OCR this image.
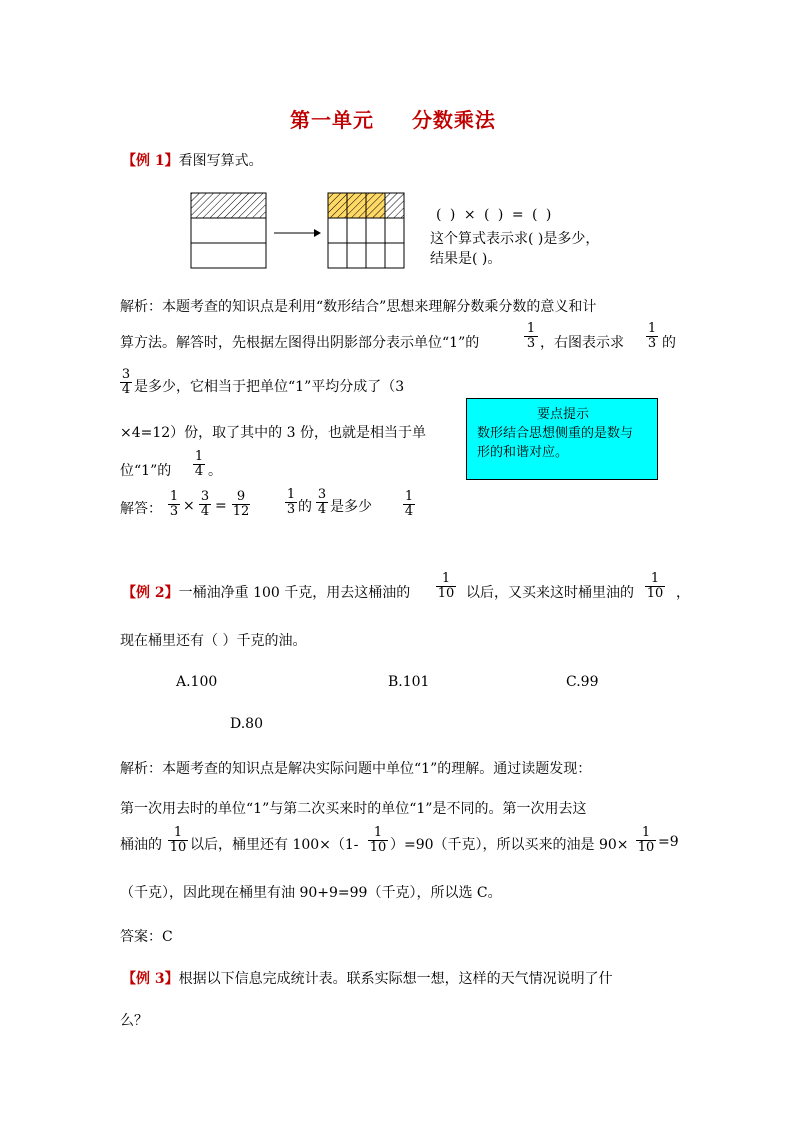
第一单元 分数乘法
【例 1】看图写算式。
( ) × ( ) = ( )
这个算式表示求( )是多少，
结果是( )。
解析：本题考查的知识点是利用“数形结合”思想来理解分数乘分数的意义和计
算方法。解答时，先根据左图得出阴影部分表示单位“1”的
1
3 ，右图表示求
1
3 的
3
4 是多少，它相当于把单位“1”平均分成了（3
×4=12）份，取了其中的 3 份，也就是相当于单
位“1”的
1
4 。
要点提示
数形结合思想侧重的是数与
形的和谐对应。
解答：
1
3 ×
3
4 =
9
12
1
3 的
3
4 是多少
1
4
【例 2】一桶油净重 100 千克，用去这桶油的
1
10 以后，又买来这时桶里油的
1
10 ，
现在桶里还有（ ）千克的油。
A.100	B.101	C.99
D.80
解析：本题考查的知识点是解决实际问题中单位“1”的理解。通过读题发现：
第一次用去时的单位“1”与第二次买来时的单位“1”是不同的。第一次用去这
桶油的
1
10 以后，桶里还有 100×（1-
1
10 ）=90（千克），所以买来的油是 90×
1
10 =9
（千克），因此现在桶里有油 90+9=99（千克），所以选 C。
答案：C
【例 3】根据以下信息完成统计表。联系实际想一想，这样的天气情况说明了什
么？
